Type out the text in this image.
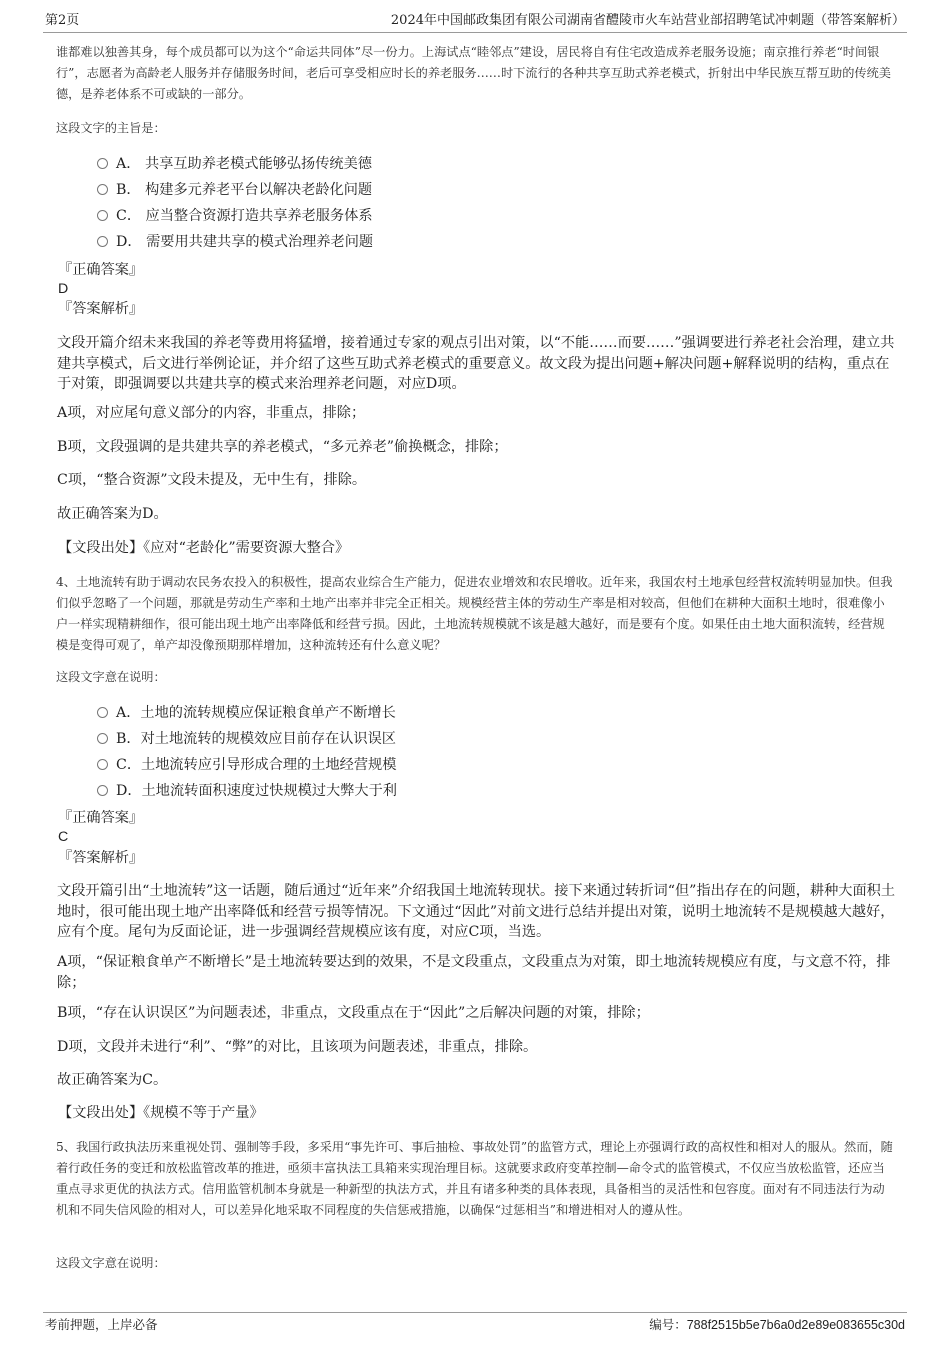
第2页	2024年中国邮政集团有限公司湖南省醴陵市火车站营业部招聘笔试冲刺题（带答案解析）
谁都难以独善其身，每个成员都可以为这个“命运共同体”尽一份力。上海试点“睦邻点”建设，居民将自有住宅改造成养老服务设施；南京推行养老“时间银行”，志愿者为高龄老人服务并存储服务时间，老后可享受相应时长的养老服务……时下流行的各种共享互助式养老模式，折射出中华民族互帮互助的传统美德，是养老体系不可或缺的一部分。
这段文字的主旨是：
A． 共享互助养老模式能够弘扬传统美德
B． 构建多元养老平台以解决老龄化问题
C． 应当整合资源打造共享养老服务体系
D． 需要用共建共享的模式治理养老问题
『正确答案』
D
『答案解析』
文段开篇介绍未来我国的养老等费用将猛增，接着通过专家的观点引出对策，以“不能……而要……”强调要进行养老社会治理，建立共建共享模式，后文进行举例论证，并介绍了这些互助式养老模式的重要意义。故文段为提出问题+解决问题+解释说明的结构，重点在于对策，即强调要以共建共享的模式来治理养老问题，对应D项。
A项，对应尾句意义部分的内容，非重点，排除；
B项，文段强调的是共建共享的养老模式，“多元养老”偷换概念，排除；
C项，“整合资源”文段未提及，无中生有，排除。
故正确答案为D。
【文段出处】《应对“老龄化”需要资源大整合》
4、土地流转有助于调动农民务农投入的积极性，提高农业综合生产能力，促进农业增效和农民增收。近年来，我国农村土地承包经营权流转明显加快。但我们似乎忽略了一个问题，那就是劳动生产率和土地产出率并非完全正相关。规模经营主体的劳动生产率是相对较高，但他们在耕种大面积土地时，很难像小户一样实现精耕细作，很可能出现土地产出率降低和经营亏损。因此，土地流转规模就不该是越大越好，而是要有个度。如果任由土地大面积流转，经营规模是变得可观了，单产却没像预期那样增加，这种流转还有什么意义呢？
这段文字意在说明：
A．土地的流转规模应保证粮食单产不断增长
B．对土地流转的规模效应目前存在认识误区
C．土地流转应引导形成合理的土地经营规模
D．土地流转面积速度过快规模过大弊大于利
『正确答案』
C
『答案解析』
文段开篇引出“土地流转”这一话题，随后通过“近年来”介绍我国土地流转现状。接下来通过转折词“但”指出存在的问题，耕种大面积土地时，很可能出现土地产出率降低和经营亏损等情况。下文通过“因此”对前文进行总结并提出对策，说明土地流转不是规模越大越好，应有个度。尾句为反面论证，进一步强调经营规模应该有度，对应C项，当选。
A项，“保证粮食单产不断增长”是土地流转要达到的效果，不是文段重点，文段重点为对策，即土地流转规模应有度，与文意不符，排除；
B项，“存在认识误区”为问题表述，非重点，文段重点在于“因此”之后解决问题的对策，排除；
D项，文段并未进行“利”、“弊”的对比，且该项为问题表述，非重点，排除。
故正确答案为C。
【文段出处】《规模不等于产量》
5、我国行政执法历来重视处罚、强制等手段，多采用“事先许可、事后抽检、事故处罚”的监管方式，理论上亦强调行政的高权性和相对人的服从。然而，随着行政任务的变迁和放松监管改革的推进，亟须丰富执法工具箱来实现治理目标。这就要求政府变革控制—命令式的监管模式，不仅应当放松监管，还应当重点寻求更优的执法方式。信用监管机制本身就是一种新型的执法方式，并且有诸多种类的具体表现，具备相当的灵活性和包容度。面对有不同违法行为动机和不同失信风险的相对人，可以差异化地采取不同程度的失信惩戒措施，以确保“过惩相当”和增进相对人的遵从性。
这段文字意在说明：
考前押题，上岸必备	编号：788f2515b5e7b6a0d2e89e083655c30d
